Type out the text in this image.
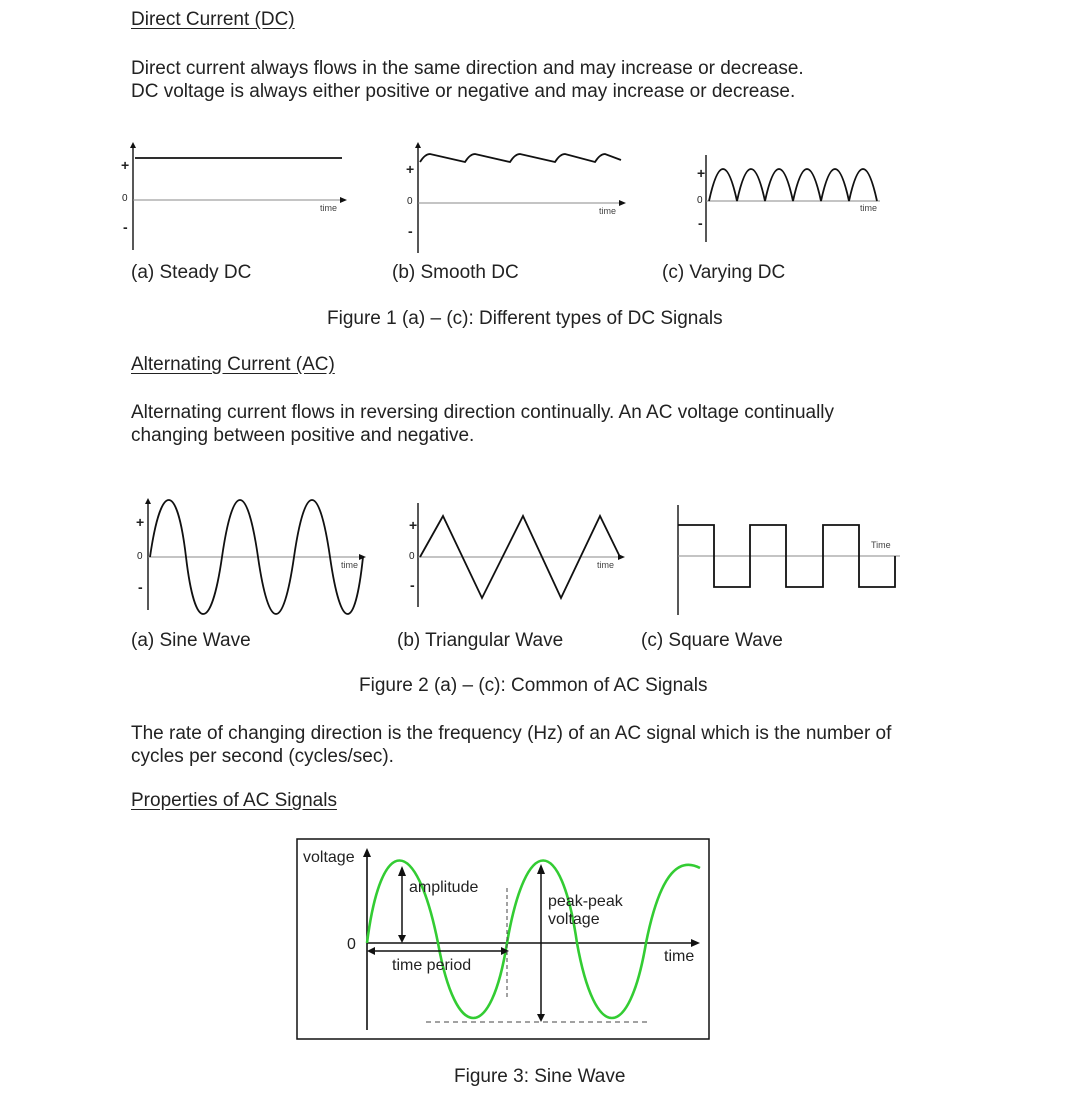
Direct Current (DC)
Direct current always flows in the same direction and may increase or decrease.
DC voltage is always either positive or negative and may increase or decrease.
+
0
-
time
+
0
-
time
+
0
-
time
(a) Steady DC	(b) Smooth DC	(c) Varying DC
Figure 1 (a) – (c): Different types of DC Signals
Alternating Current (AC)
Alternating current flows in reversing direction continually. An AC voltage continually
changing between positive and negative.
+
0
-
time
+
0
-
time
Time
(a) Sine Wave	(b) Triangular Wave	(c) Square Wave
Figure 2 (a) – (c): Common of AC Signals
The rate of changing direction is the frequency (Hz) of an AC signal which is the number of
cycles per second (cycles/sec).
Properties of AC Signals
voltage
0
amplitude
peak-peak
voltage
time period
time
Figure 3: Sine Wave
